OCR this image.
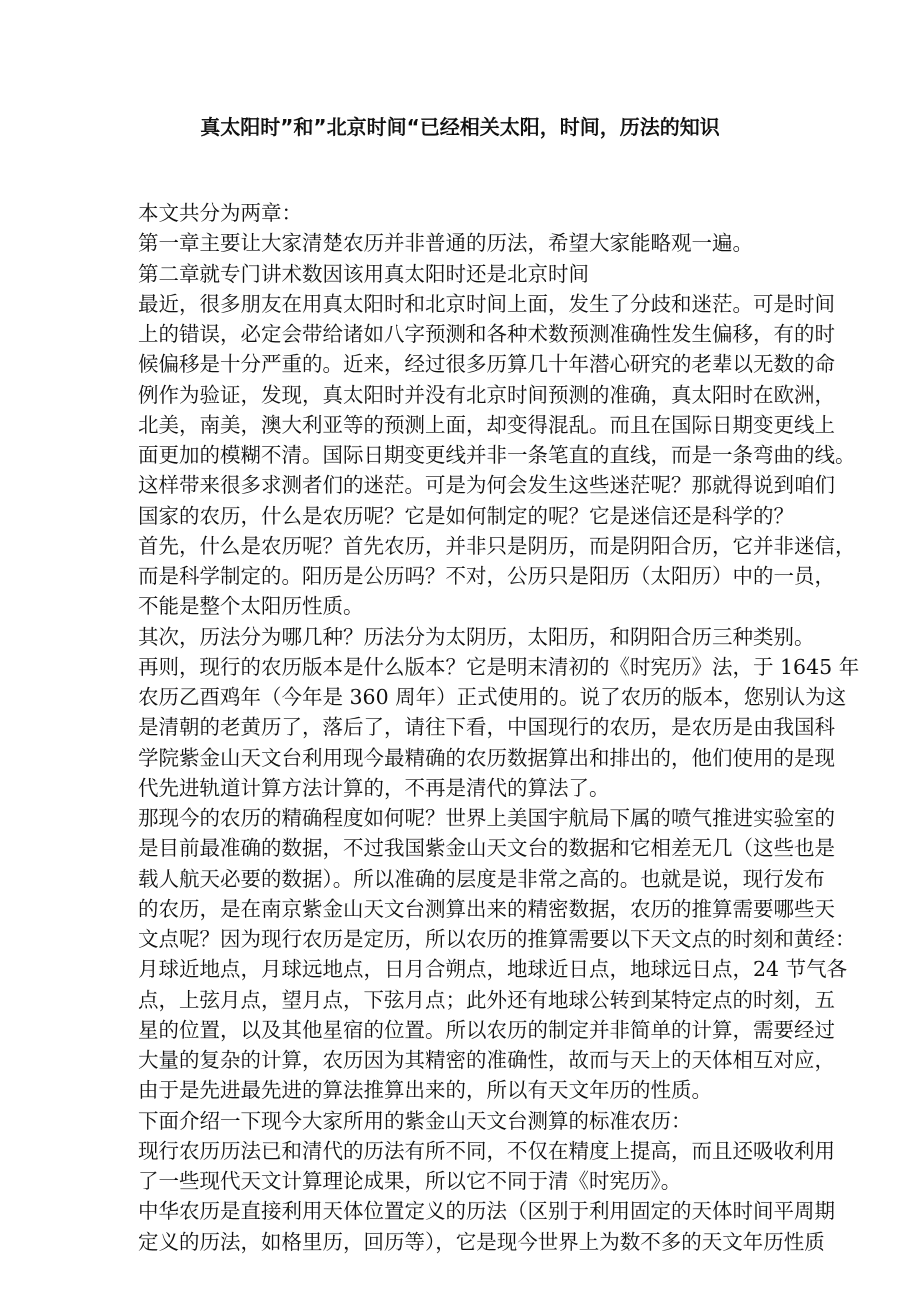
真太阳时”和”北京时间“已经相关太阳，时间，历法的知识
本文共分为两章：
第一章主要让大家清楚农历并非普通的历法，希望大家能略观一遍。
第二章就专门讲术数因该用真太阳时还是北京时间
最近，很多朋友在用真太阳时和北京时间上面，发生了分歧和迷茫。可是时间
上的错误，必定会带给诸如八字预测和各种术数预测准确性发生偏移，有的时
候偏移是十分严重的。近来，经过很多历算几十年潜心研究的老辈以无数的命
例作为验证，发现，真太阳时并没有北京时间预测的准确，真太阳时在欧洲，
北美，南美，澳大利亚等的预测上面，却变得混乱。而且在国际日期变更线上
面更加的模糊不清。国际日期变更线并非一条笔直的直线，而是一条弯曲的线。
这样带来很多求测者们的迷茫。可是为何会发生这些迷茫呢？那就得说到咱们
国家的农历，什么是农历呢？它是如何制定的呢？它是迷信还是科学的？
首先，什么是农历呢？首先农历，并非只是阴历，而是阴阳合历，它并非迷信，
而是科学制定的。阳历是公历吗？不对，公历只是阳历（太阳历）中的一员，
不能是整个太阳历性质。
其次，历法分为哪几种？历法分为太阴历，太阳历，和阴阳合历三种类别。
再则，现行的农历版本是什么版本？它是明末清初的《时宪历》法，于 1645 年
农历乙酉鸡年（今年是 360 周年）正式使用的。说了农历的版本，您别认为这
是清朝的老黄历了，落后了，请往下看，中国现行的农历，是农历是由我国科
学院紫金山天文台利用现今最精确的农历数据算出和排出的，他们使用的是现
代先进轨道计算方法计算的，不再是清代的算法了。
那现今的农历的精确程度如何呢？世界上美国宇航局下属的喷气推进实验室的
是目前最准确的数据，不过我国紫金山天文台的数据和它相差无几（这些也是
载人航天必要的数据）。所以准确的层度是非常之高的。也就是说，现行发布
的农历，是在南京紫金山天文台测算出来的精密数据，农历的推算需要哪些天
文点呢？因为现行农历是定历，所以农历的推算需要以下天文点的时刻和黄经：
月球近地点，月球远地点，日月合朔点，地球近日点，地球远日点，24 节气各
点，上弦月点，望月点，下弦月点；此外还有地球公转到某特定点的时刻，五
星的位置，以及其他星宿的位置。所以农历的制定并非简单的计算，需要经过
大量的复杂的计算，农历因为其精密的准确性，故而与天上的天体相互对应，
由于是先进最先进的算法推算出来的，所以有天文年历的性质。
下面介绍一下现今大家所用的紫金山天文台测算的标准农历：
现行农历历法已和清代的历法有所不同，不仅在精度上提高，而且还吸收利用
了一些现代天文计算理论成果，所以它不同于清《时宪历》。
中华农历是直接利用天体位置定义的历法（区别于利用固定的天体时间平周期
定义的历法，如格里历，回历等），它是现今世界上为数不多的天文年历性质
